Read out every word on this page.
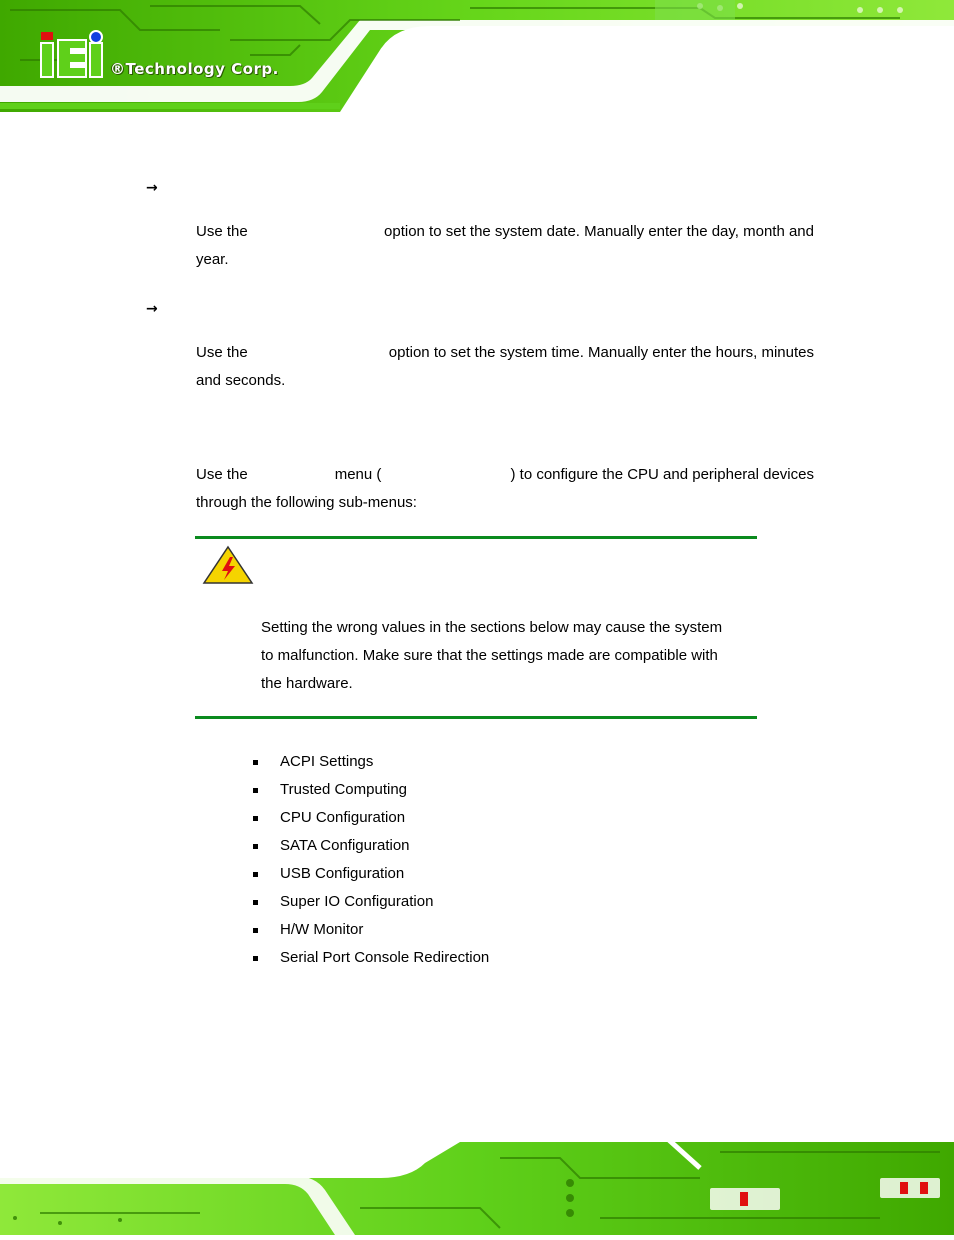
®Technology Corp.
→
Use the	option to set the system date. Manually enter the day, month and
year.
→
Use the	option to set the system time. Manually enter the hours, minutes
and seconds.
Use the	menu (	) to configure the CPU and peripheral devices
through the following sub-menus:
Setting the wrong values in the sections below may cause the system
to malfunction. Make sure that the settings made are compatible with
the hardware.
ACPI Settings
Trusted Computing
CPU Configuration
SATA Configuration
USB Configuration
Super IO Configuration
H/W Monitor
Serial Port Console Redirection
